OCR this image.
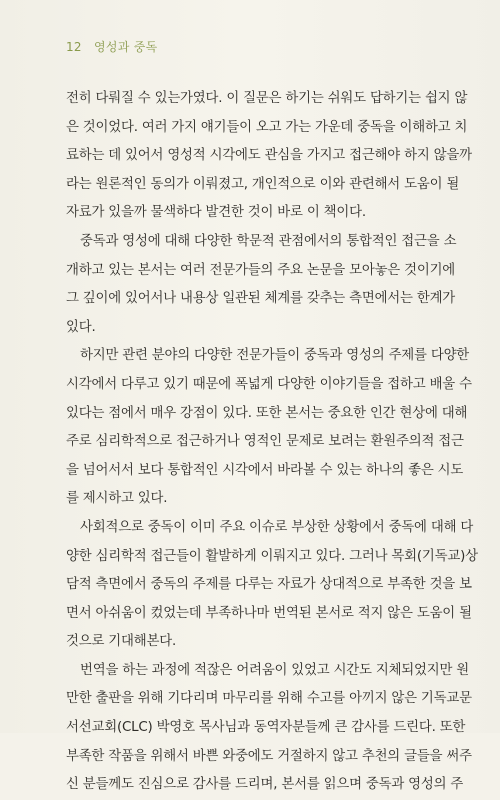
12 영성과 중독
전히 다뤄질 수 있는가였다. 이 질문은 하기는 쉬워도 답하기는 쉽지 않
은 것이었다. 여러 가지 얘기들이 오고 가는 가운데 중독을 이해하고 치
료하는 데 있어서 영성적 시각에도 관심을 가지고 접근해야 하지 않을까
라는 원론적인 동의가 이뤄졌고, 개인적으로 이와 관련해서 도움이 될
자료가 있을까 물색하다 발견한 것이 바로 이 책이다.
중독과 영성에 대해 다양한 학문적 관점에서의 통합적인 접근을 소
개하고 있는 본서는 여러 전문가들의 주요 논문을 모아놓은 것이기에
그 깊이에 있어서나 내용상 일관된 체계를 갖추는 측면에서는 한계가
있다.
하지만 관련 분야의 다양한 전문가들이 중독과 영성의 주제를 다양한
시각에서 다루고 있기 때문에 폭넓게 다양한 이야기들을 접하고 배울 수
있다는 점에서 매우 강점이 있다. 또한 본서는 중요한 인간 현상에 대해
주로 심리학적으로 접근하거나 영적인 문제로 보려는 환원주의적 접근
을 넘어서서 보다 통합적인 시각에서 바라볼 수 있는 하나의 좋은 시도
를 제시하고 있다.
사회적으로 중독이 이미 주요 이슈로 부상한 상황에서 중독에 대해 다
양한 심리학적 접근들이 활발하게 이뤄지고 있다. 그러나 목회(기독교)상
담적 측면에서 중독의 주제를 다루는 자료가 상대적으로 부족한 것을 보
면서 아쉬움이 컸었는데 부족하나마 번역된 본서로 적지 않은 도움이 될
것으로 기대해본다.
번역을 하는 과정에 적잖은 어려움이 있었고 시간도 지체되었지만 원
만한 출판을 위해 기다리며 마무리를 위해 수고를 아끼지 않은 기독교문
서선교회(CLC) 박영호 목사님과 동역자분들께 큰 감사를 드린다. 또한
부족한 작품을 위해서 바쁜 와중에도 거절하지 않고 추천의 글들을 써주
신 분들께도 진심으로 감사를 드리며, 본서를 읽으며 중독과 영성의 주
